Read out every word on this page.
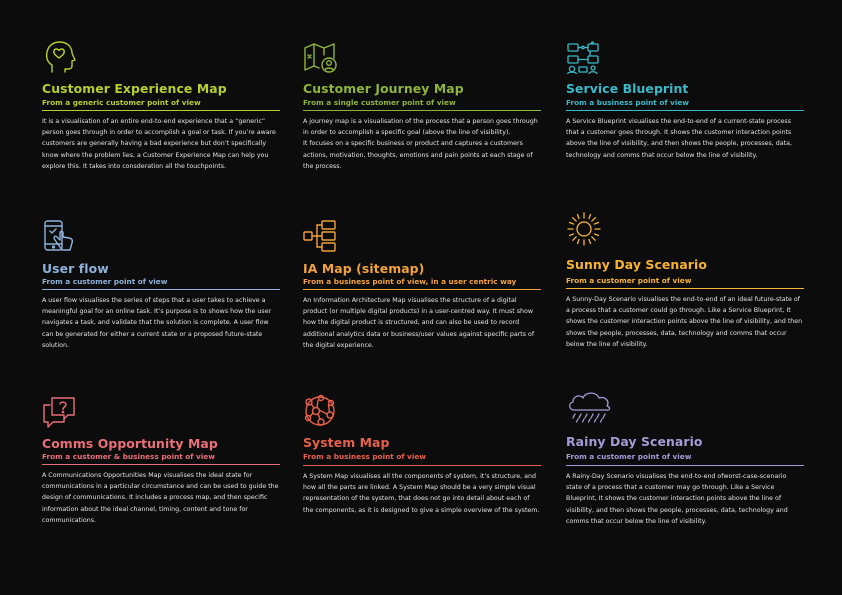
Customer Experience Map
From a generic customer point of view

It is a visualisation of an entire end-to-end experience that a “generic” person goes through in order to accomplish a goal or task. If you’re aware customers are generally having a bad experience but don’t specifically know where the problem lies, a Customer Experience Map can help you explore this. It takes into consderation all the touchpoints.

Customer Journey Map
From a single customer point of view

A journey map is a visualisation of the process that a person goes through in order to accomplish a specific goal (above the line of visibility).

It focuses on a specific business or product and captures a customers actions, motivation, thoughts, emotions and pain points at each stage of the process.

Service Blueprint
From a business point of view

A Service Blueprint visualises the end-to-end of a current-state process that a customer goes through. It shows the customer interaction points above the line of visibility, and then shows the people, processes, data, technology and comms that occur below the line of visibility.

User flow
From a customer point of view

A user flow visualises the series of steps that a user takes to achieve a meaningful goal for an online task. It’s purpose is to shows how the user navigates a task, and validate that the solution is complete. A user flow can be generated for either a current state or a proposed future-state solution.

IA Map (sitemap)
From a business point of view, in a user centric way

An Information Architecture Map visualises the structure of a digital product (or multiple digital products) in a user-centred way. It must show how the digital product is structured, and can also be used to record additional analytics data or business/user values against specific parts of the digital experience.

Sunny Day Scenario
From a customer point of view

A Sunny-Day Scenario visualises the end-to-end of an ideal future-state of a process that a customer could go through. Like a Service Blueprint, It shows the customer interaction points above the line of visibility, and then shows the people, processes, data, technology and comms that occur below the line of visibility.

Comms Opportunity Map
From a customer & business point of view

A Communications Opportunities Map visualises the ideal state for communications in a particular circumstance and can be used to guide the design of communications. It includes a process map, and then specific information about the ideal channel, timing, content and tone for communications.

System Map
From a business point of view

A System Map visualises all the components of system, it’s structure, and how all the parts are linked. A System Map should be a very simple visual representation of the system, that does not go into detail about each of the components, as it is designed to give a simple overview of the system.

Rainy Day Scenario
From a customer point of view

A Rainy-Day Scenario visualises the end-to-end ofworst-case-scenario state of a process that a customer may go through. Like a Service Blueprint, It shows the customer interaction points above the line of visibility, and then shows the people, processes, data, technology and comms that occur below the line of visibility.
